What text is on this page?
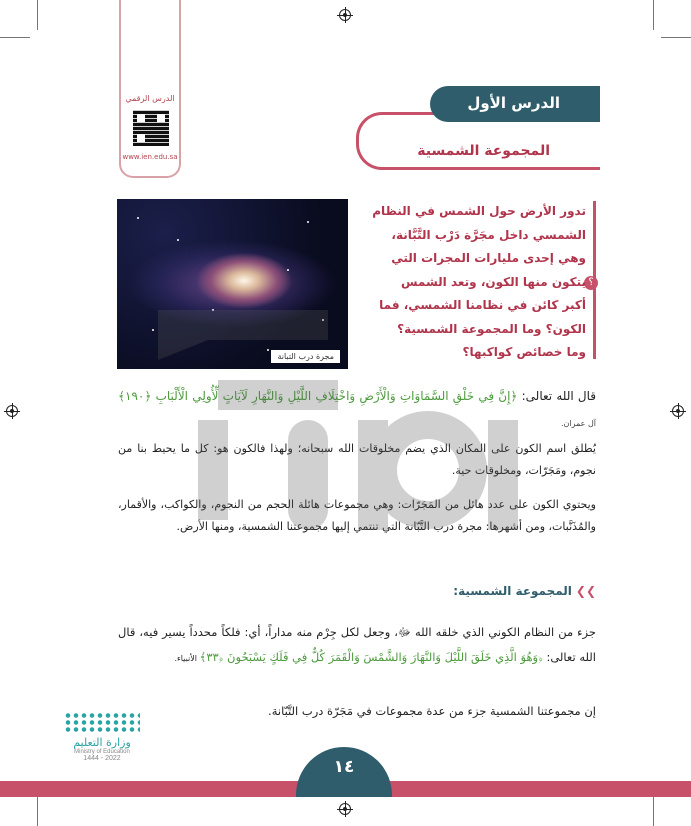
الدرس الرقمي
www.ien.edu.sa	المجموعة الشمسية
الدرس الأول
مجرة درب التبانة
؟
تدور الأرض حول الشمس في النظام
الشمسي داخل مجَرَّة دَرْب التَّبَّانة،
وهي إحدى مليارات المجرات التي
يتكون منها الكون، وتعد الشمس
أكبر كائن في نظامنا الشمسي، فما
الكون؟ وما المجموعة الشمسية؟
وما خصائص كواكبها؟
قال الله تعالى: ﴿إِنَّ فِي خَلْقِ السَّمَاوَاتِ وَالْأَرْضِ وَاخْتِلَافِ اللَّيْلِ وَالنَّهَارِ لَآيَاتٍ لِّأُولِي الْأَلْبَابِ ﴿١٩٠﴾ آل عمران.
يُطلق اسم الكون على المكان الذي يضم مخلوقات الله سبحانه؛ ولهذا فالكون هو: كل ما يحيط بنا من نجوم، ومَجَرّات، ومخلوقات حية.
ويحتوي الكون على عدد هائل من المَجَرّات: وهي مجموعات هائلة الحجم من النجوم، والكواكب، والأقمار، والمُذَنَّبات، ومن أشهرها: مجرة درب التَّبّانة التي تنتمي إليها مجموعتنا الشمسية، ومنها الأرض.
❯❯المجموعة الشمسية:
جزء من النظام الكوني الذي خلقه الله ﷻ، وجعل لكل جِرْم منه مداراً، أي: فلكاً محدداً يسير فيه، قال الله تعالى: ﴿وَهُوَ الَّذِي خَلَقَ اللَّيْلَ وَالنَّهَارَ وَالشَّمْسَ وَالْقَمَرَ كُلٌّ فِي فَلَكٍ يَسْبَحُونَ ﴿٣٣﴾ الأنبياء.
إن مجموعتنا الشمسية جزء من عدة مجموعات في مَجَرّة درب التَّبّانة.
وزارة التعليم
Ministry of Education
2022 - 1444	١٤
